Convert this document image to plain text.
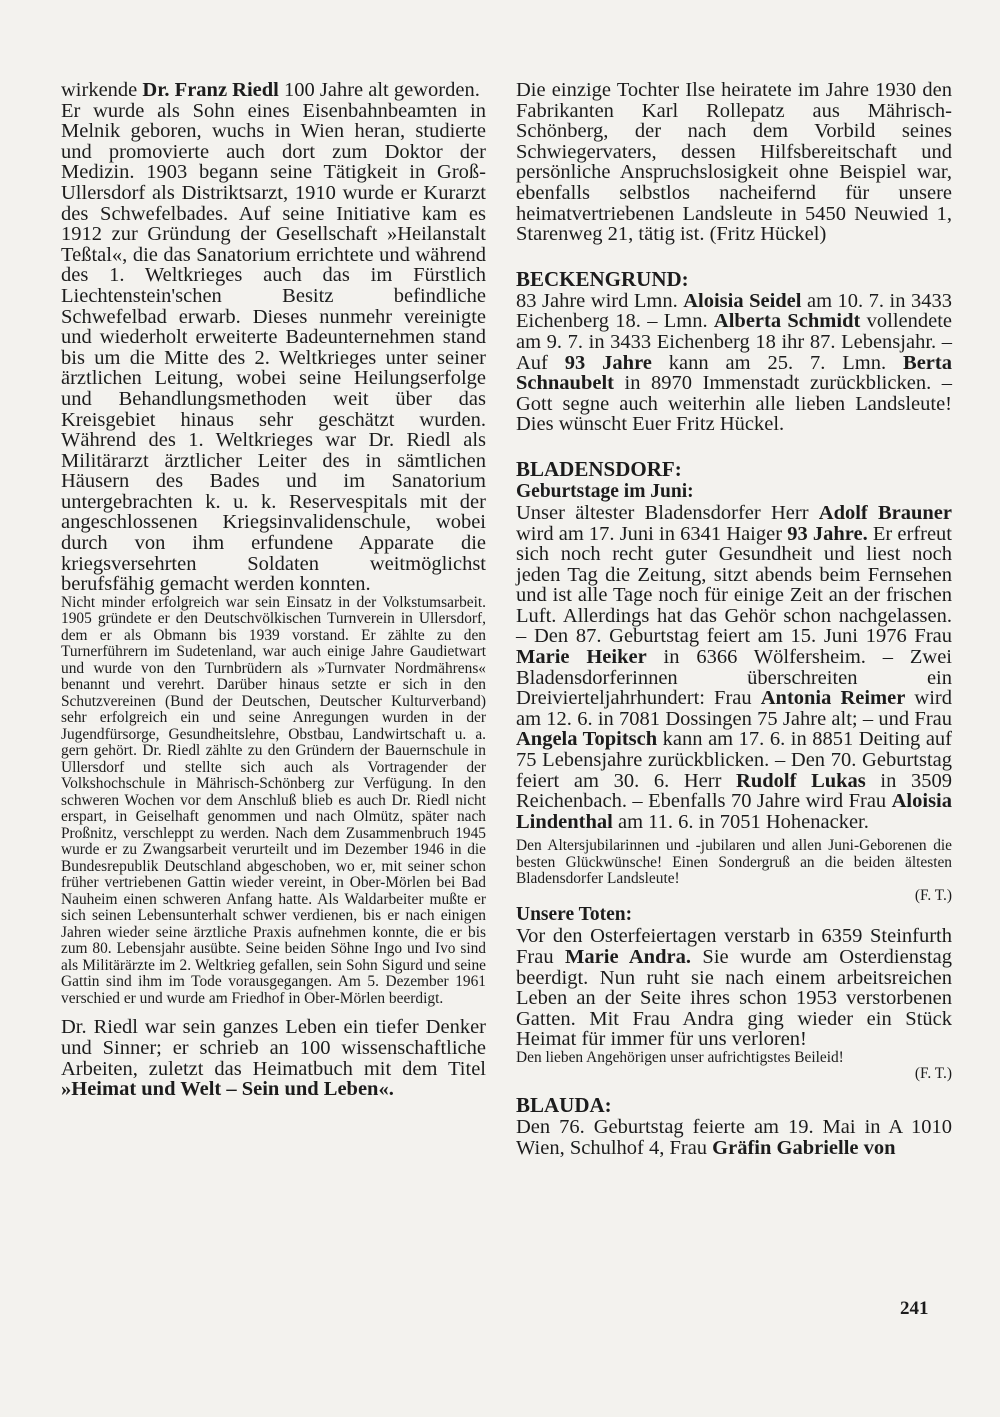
wirkende Dr. Franz Riedl 100 Jahre alt geworden.

Er wurde als Sohn eines Eisenbahnbeamten in Melnik geboren, wuchs in Wien heran, studierte und promovierte auch dort zum Doktor der Medizin. 1903 begann seine Tätigkeit in Groß-Ullersdorf als Distriktsarzt, 1910 wurde er Kurarzt des Schwefelbades. Auf seine Initiative kam es 1912 zur Gründung der Gesellschaft »Heilanstalt Teßtal«, die das Sanatorium errichtete und während des 1. Weltkrieges auch das im Fürstlich Liechtenstein'schen Besitz befindliche Schwefelbad erwarb. Dieses nunmehr vereinigte und wiederholt erweiterte Badeunternehmen stand bis um die Mitte des 2. Weltkrieges unter seiner ärztlichen Leitung, wobei seine Heilungserfolge und Behandlungsmethoden weit über das Kreisgebiet hinaus sehr geschätzt wurden. Während des 1. Weltkrieges war Dr. Riedl als Militärarzt ärztlicher Leiter des in sämtlichen Häusern des Bades und im Sanatorium untergebrachten k. u. k. Reservespitals mit der angeschlossenen Kriegsinvalidenschule, wobei durch von ihm erfundene Apparate die kriegsversehrten Soldaten weitmöglichst berufsfähig gemacht werden konnten.

Nicht minder erfolgreich war sein Einsatz in der Volkstumsarbeit. 1905 gründete er den Deutschvölkischen Turnverein in Ullersdorf, dem er als Obmann bis 1939 vorstand. Er zählte zu den Turnerführern im Sudetenland, war auch einige Jahre Gaudietwart und wurde von den Turnbrüdern als »Turnvater Nordmährens« benannt und verehrt. Darüber hinaus setzte er sich in den Schutzvereinen (Bund der Deutschen, Deutscher Kulturverband) sehr erfolgreich ein und seine Anregungen wurden in der Jugendfürsorge, Gesundheitslehre, Obstbau, Landwirtschaft u. a. gern gehört. Dr. Riedl zählte zu den Gründern der Bauernschule in Ullersdorf und stellte sich auch als Vortragender der Volkshochschule in Mährisch-Schönberg zur Verfügung. In den schweren Wochen vor dem Anschluß blieb es auch Dr. Riedl nicht erspart, in Geiselhaft genommen und nach Olmütz, später nach Proßnitz, verschleppt zu werden. Nach dem Zusammenbruch 1945 wurde er zu Zwangsarbeit verurteilt und im Dezember 1946 in die Bundesrepublik Deutschland abgeschoben, wo er, mit seiner schon früher vertriebenen Gattin wieder vereint, in Ober-Mörlen bei Bad Nauheim einen schweren Anfang hatte. Als Waldarbeiter mußte er sich seinen Lebensunterhalt schwer verdienen, bis er nach einigen Jahren wieder seine ärztliche Praxis aufnehmen konnte, die er bis zum 80. Lebensjahr ausübte. Seine beiden Söhne Ingo und Ivo sind als Militärärzte im 2. Weltkrieg gefallen, sein Sohn Sigurd und seine Gattin sind ihm im Tode vorausgegangen. Am 5. Dezember 1961 verschied er und wurde am Friedhof in Ober-Mörlen beerdigt.

Dr. Riedl war sein ganzes Leben ein tiefer Denker und Sinner; er schrieb an 100 wissenschaftliche Arbeiten, zuletzt das Heimatbuch mit dem Titel »Heimat und Welt – Sein und Leben«.

Die einzige Tochter Ilse heiratete im Jahre 1930 den Fabrikanten Karl Rollepatz aus Mährisch-Schönberg, der nach dem Vorbild seines Schwiegervaters, dessen Hilfsbereitschaft und persönliche Anspruchslosigkeit ohne Beispiel war, ebenfalls selbstlos nacheifernd für unsere heimatvertriebenen Landsleute in 5450 Neuwied 1, Starenweg 21, tätig ist. (Fritz Hückel)

BECKENGRUND:

83 Jahre wird Lmn. Aloisia Seidel am 10. 7. in 3433 Eichenberg 18. – Lmn. Alberta Schmidt vollendete am 9. 7. in 3433 Eichenberg 18 ihr 87. Lebensjahr. – Auf 93 Jahre kann am 25. 7. Lmn. Berta Schnaubelt in 8970 Immenstadt zurückblicken. – Gott segne auch weiterhin alle lieben Landsleute! Dies wünscht Euer Fritz Hückel.

BLADENSDORF:
Geburtstage im Juni:

Unser ältester Bladensdorfer Herr Adolf Brauner wird am 17. Juni in 6341 Haiger 93 Jahre. Er erfreut sich noch recht guter Gesundheit und liest noch jeden Tag die Zeitung, sitzt abends beim Fernsehen und ist alle Tage noch für einige Zeit an der frischen Luft. Allerdings hat das Gehör schon nachgelassen. – Den 87. Geburtstag feiert am 15. Juni 1976 Frau Marie Heiker in 6366 Wölfersheim. – Zwei Bladensdorferinnen überschreiten ein Dreivierteljahrhundert: Frau Antonia Reimer wird am 12. 6. in 7081 Dossingen 75 Jahre alt; – und Frau Angela Topitsch kann am 17. 6. in 8851 Deiting auf 75 Lebensjahre zurückblicken. – Den 70. Geburtstag feiert am 30. 6. Herr Rudolf Lukas in 3509 Reichenbach. – Ebenfalls 70 Jahre wird Frau Aloisia Lindenthal am 11. 6. in 7051 Hohenacker.

Den Altersjubilarinnen und -jubilaren und allen Juni-Geborenen die besten Glückwünsche! Einen Sondergruß an die beiden ältesten Bladensdorfer Landsleute!

(F. T.)
Unsere Toten:

Vor den Osterfeiertagen verstarb in 6359 Steinfurth Frau Marie Andra. Sie wurde am Osterdienstag beerdigt. Nun ruht sie nach einem arbeitsreichen Leben an der Seite ihres schon 1953 verstorbenen Gatten. Mit Frau Andra ging wieder ein Stück Heimat für immer für uns verloren!

Den lieben Angehörigen unser aufrichtigstes Beileid!

(F. T.)
BLAUDA:

Den 76. Geburtstag feierte am 19. Mai in A 1010 Wien, Schulhof 4, Frau Gräfin Gabrielle von

241
